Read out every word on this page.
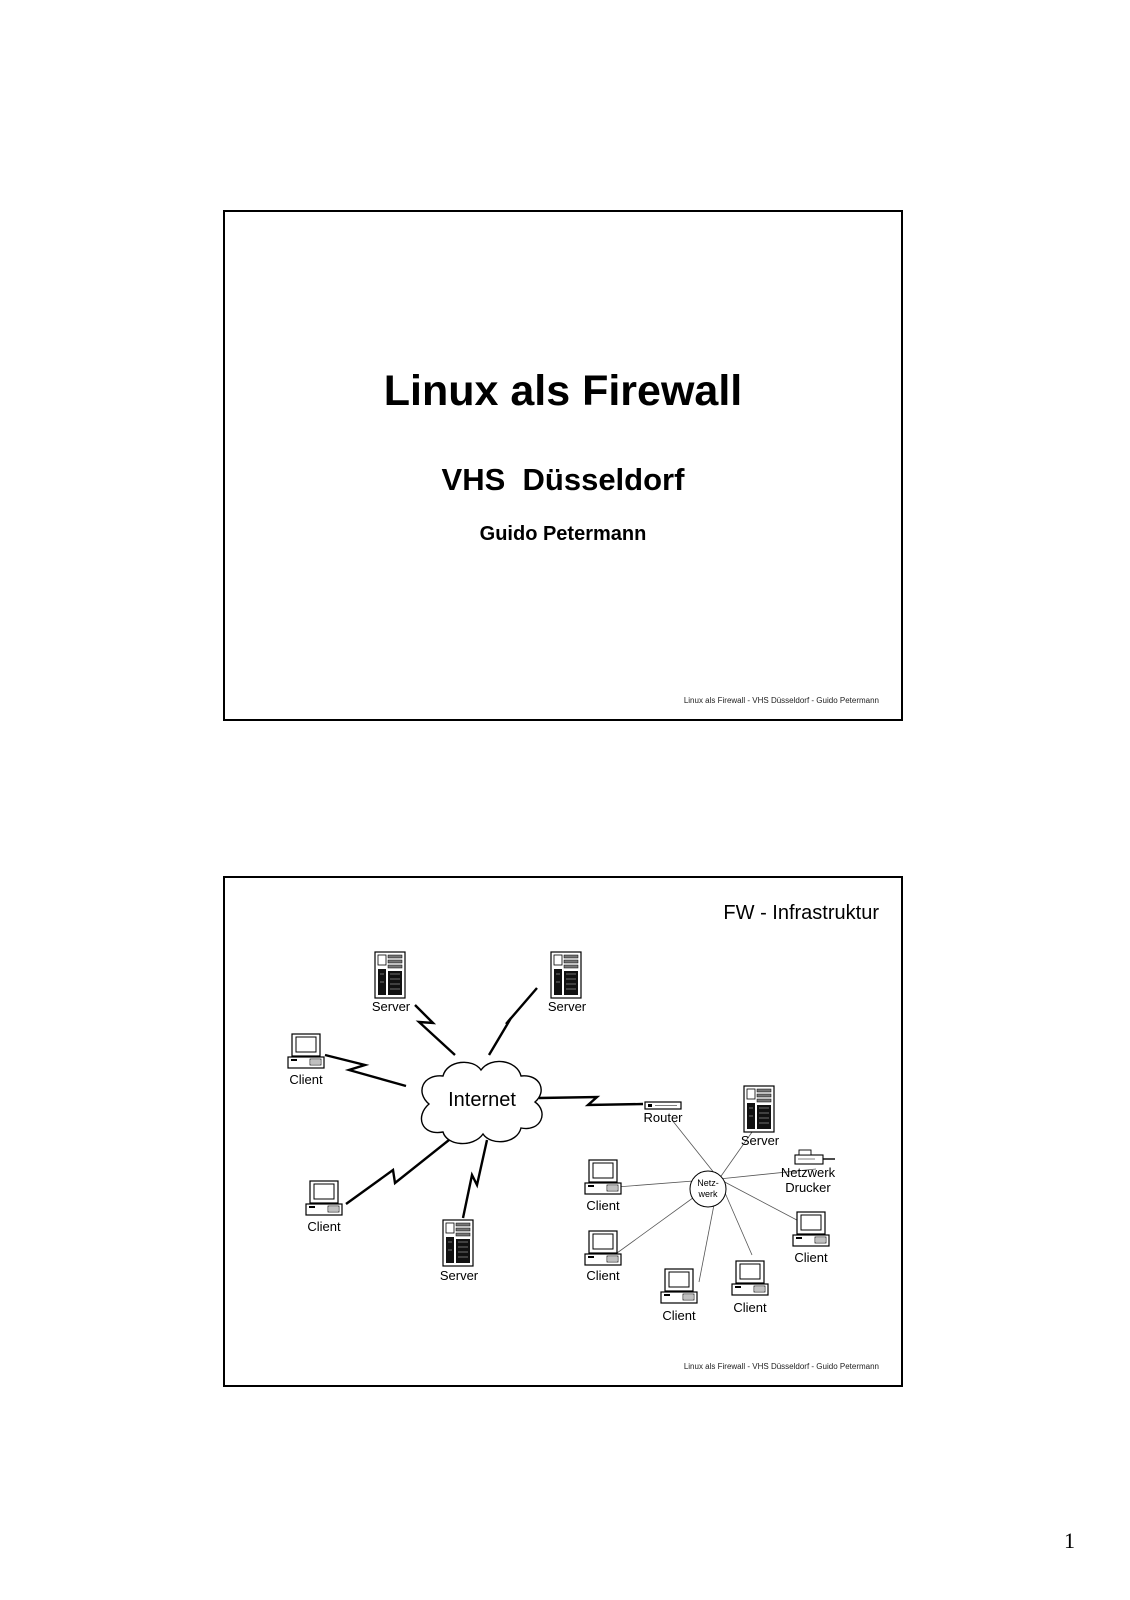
Linux als Firewall
VHS  Düsseldorf
Guido Petermann
Linux als Firewall - VHS Düsseldorf - Guido Petermann
FW - Infrastruktur
Internet
Netz-
werk
Server	Server
Client
Client
Server
Router
Server
Netzwerk
Drucker
Client
Client
Client
Client
Client
Linux als Firewall - VHS Düsseldorf - Guido Petermann
1
